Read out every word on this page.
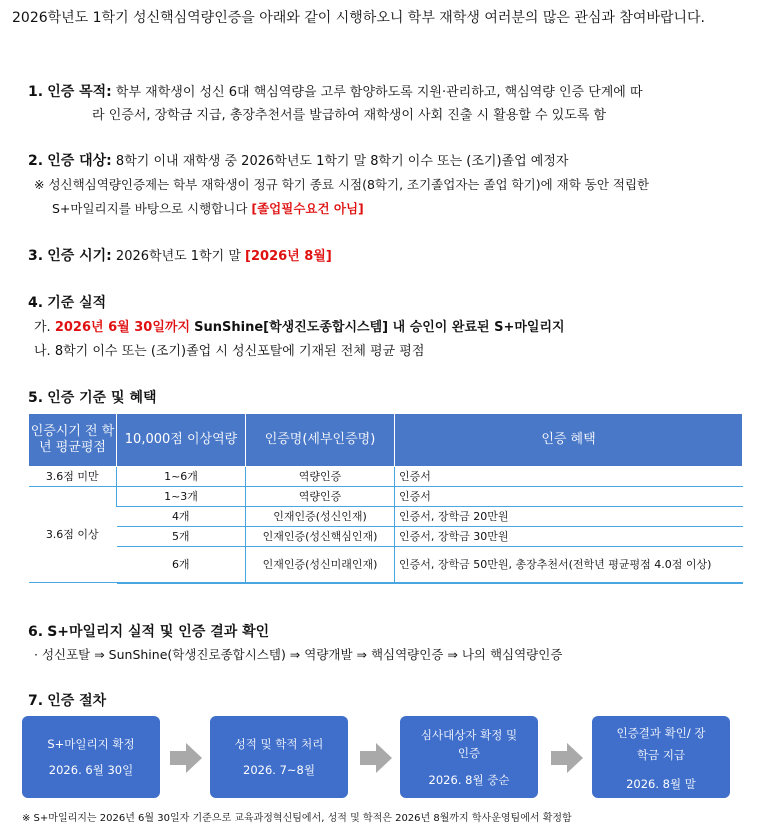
2026학년도 1학기 성신핵심역량인증을 아래와 같이 시행하오니 학부 재학생 여러분의 많은 관심과 참여바랍니다.
1. 인증 목적: 학부 재학생이 성신 6대 핵심역량을 고루 함양하도록 지원·관리하고, 핵심역량 인증 단계에 따
라 인증서, 장학금 지급, 총장추천서를 발급하여 재학생이 사회 진출 시 활용할 수 있도록 함
2. 인증 대상: 8학기 이내 재학생 중 2026학년도 1학기 말 8학기 이수 또는 (조기)졸업 예정자
※ 성신핵심역량인증제는 학부 재학생이 정규 학기 종료 시점(8학기, 조기졸업자는 졸업 학기)에 재학 동안 적립한
S+마일리지를 바탕으로 시행합니다 [졸업필수요건 아님]
3. 인증 시기: 2026학년도 1학기 말 [2026년 8월]
4. 기준 실적
가. 2026년 6월 30일까지 SunShine[학생진도종합시스템] 내 승인이 완료된 S+마일리지
나. 8학기 이수 또는 (조기)졸업 시 성신포탈에 기재된 전체 평균 평점
5. 인증 기준 및 혜택
인증시기 전 학년 평균평점	10,000점 이상역량	인증명(세부인증명)	인증 혜택
3.6점 미만	1~6개	역량인증	인증서
3.6점 이상	1~3개	역량인증	인증서
	4개	인재인증(성신인재)	인증서, 장학금 20만원
	5개	인재인증(성신핵심인재)	인증서, 장학금 30만원
	6개	인재인증(성신미래인재)	인증서, 장학금 50만원, 총장추천서(전학년 평균평점 4.0점 이상)
6. S+마일리지 실적 및 인증 결과 확인
· 성신포탈 ⇒ SunShine(학생진로종합시스템) ⇒ 역량개발 ⇒ 핵심역량인증 ⇒ 나의 핵심역량인증
7. 인증 절차
S+마일리지 확정
2026. 6월 30일
성적 및 학적 처리
2026. 7~8월
심사대상자 확정 및 인증
2026. 8월 중순
인증결과 확인/ 장학금 지급
2026. 8월 말
※ S+마일리지는 2026년 6월 30일자 기준으로 교육과정혁신팀에서, 성적 및 학적은 2026년 8월까지 학사운영팀에서 확정함
